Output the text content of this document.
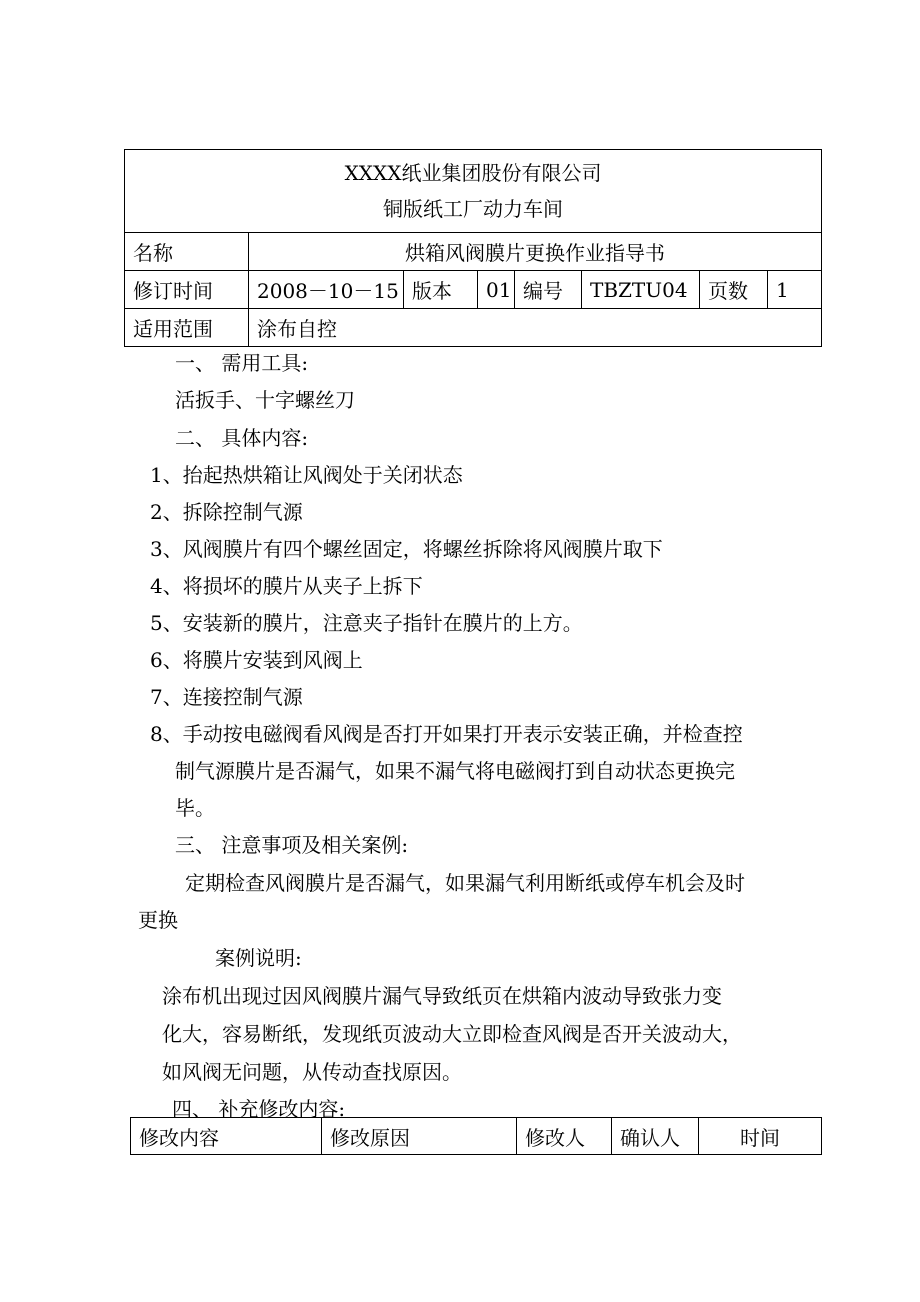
XXXX纸业集团股份有限公司
铜版纸工厂动力车间							

名称	烘箱风阀膜片更换作业指导书						
修订时间	2008－10－15	版本	01	编号	TBZTU04	页数	1
适用范围	涂布自控						
一、 需用工具:
活扳手、十字螺丝刀
二、 具体内容:
1、抬起热烘箱让风阀处于关闭状态
2、拆除控制气源
3、风阀膜片有四个螺丝固定，将螺丝拆除将风阀膜片取下
4、将损坏的膜片从夹子上拆下
5、安装新的膜片，注意夹子指针在膜片的上方。
6、将膜片安装到风阀上
7、连接控制气源
8、手动按电磁阀看风阀是否打开如果打开表示安装正确，并检查控
制气源膜片是否漏气，如果不漏气将电磁阀打到自动状态更换完
毕。
三、 注意事项及相关案例:
定期检查风阀膜片是否漏气，如果漏气利用断纸或停车机会及时
更换
案例说明:
涂布机出现过因风阀膜片漏气导致纸页在烘箱内波动导致张力变
化大，容易断纸，发现纸页波动大立即检查风阀是否开关波动大，
如风阀无问题，从传动查找原因。
四、 补充修改内容:
修改内容	修改原因	修改人	确认人	时间
